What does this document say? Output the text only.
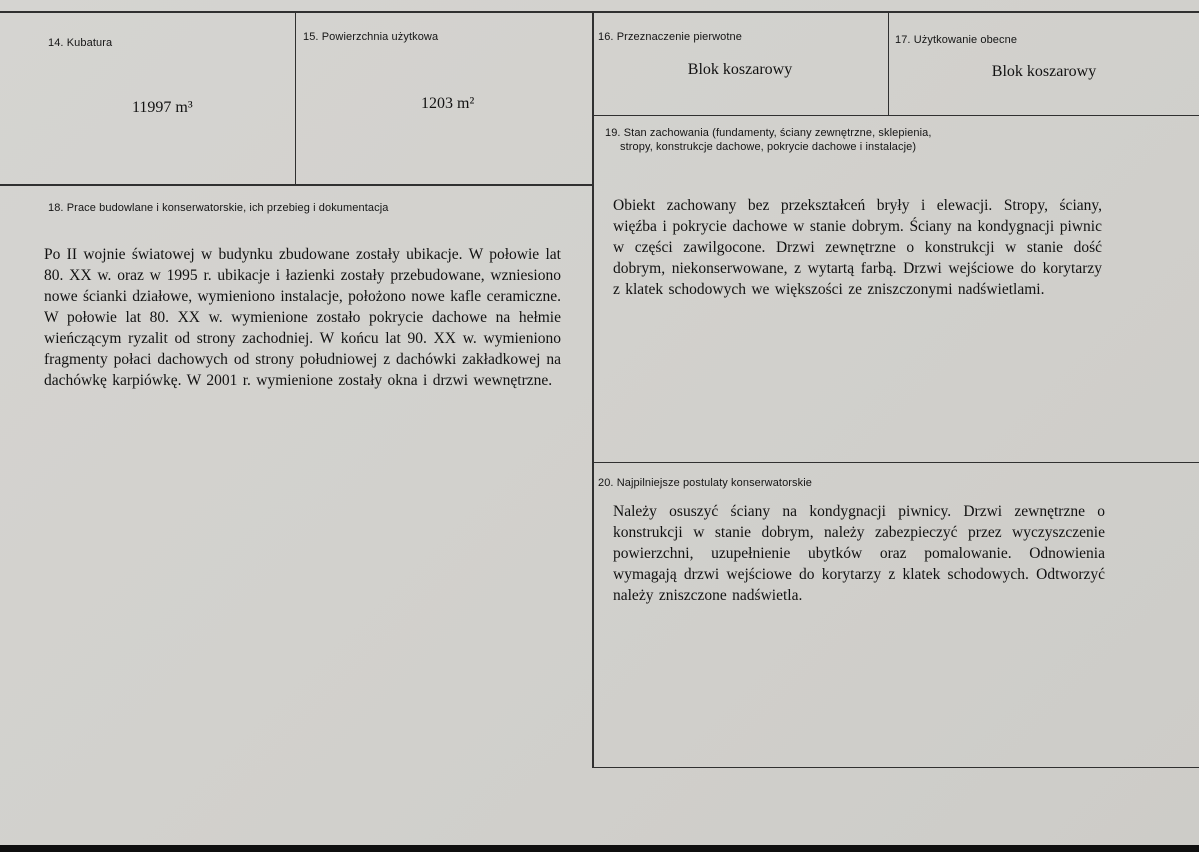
14. Kubatura
11997 m³
15. Powierzchnia użytkowa
1203 m²
16. Przeznaczenie pierwotne
Blok koszarowy
17. Użytkowanie obecne
Blok koszarowy
19. Stan zachowania (fundamenty, ściany zewnętrzne, sklepienia, stropy, konstrukcje dachowe, pokrycie dachowe i instalacje)
Obiekt zachowany bez przekształceń bryły i elewacji. Stropy, ściany, więźba i pokrycie dachowe w stanie dobrym. Ściany na kondygnacji piwnic w części zawilgocone. Drzwi zewnętrzne o konstrukcji w stanie dość dobrym, niekonserwowane, z wytartą farbą. Drzwi wejściowe do korytarzy z klatek schodowych we większości ze zniszczonymi nadświetlami.
18. Prace budowlane i konserwatorskie, ich przebieg i dokumentacja
Po II wojnie światowej w budynku zbudowane zostały ubikacje. W połowie lat 80. XX w. oraz w 1995 r. ubikacje i łazienki zostały przebudowane, wzniesiono nowe ścianki działowe, wymieniono instalacje, położono nowe kafle ceramiczne. W połowie lat 80. XX w. wymienione zostało pokrycie dachowe na hełmie wieńczącym ryzalit od strony zachodniej. W końcu lat 90. XX w. wymieniono fragmenty połaci dachowych od strony południowej z dachówki zakładkowej na dachówkę karpiówkę. W 2001 r. wymienione zostały okna i drzwi wewnętrzne.
20. Najpilniejsze postulaty konserwatorskie
Należy osuszyć ściany na kondygnacji piwnicy. Drzwi zewnętrzne o konstrukcji w stanie dobrym, należy zabezpieczyć przez wyczyszczenie powierzchni, uzupełnienie ubytków oraz pomalowanie. Odnowienia wymagają drzwi wejściowe do korytarzy z klatek schodowych. Odtworzyć należy zniszczone nadświetla.
